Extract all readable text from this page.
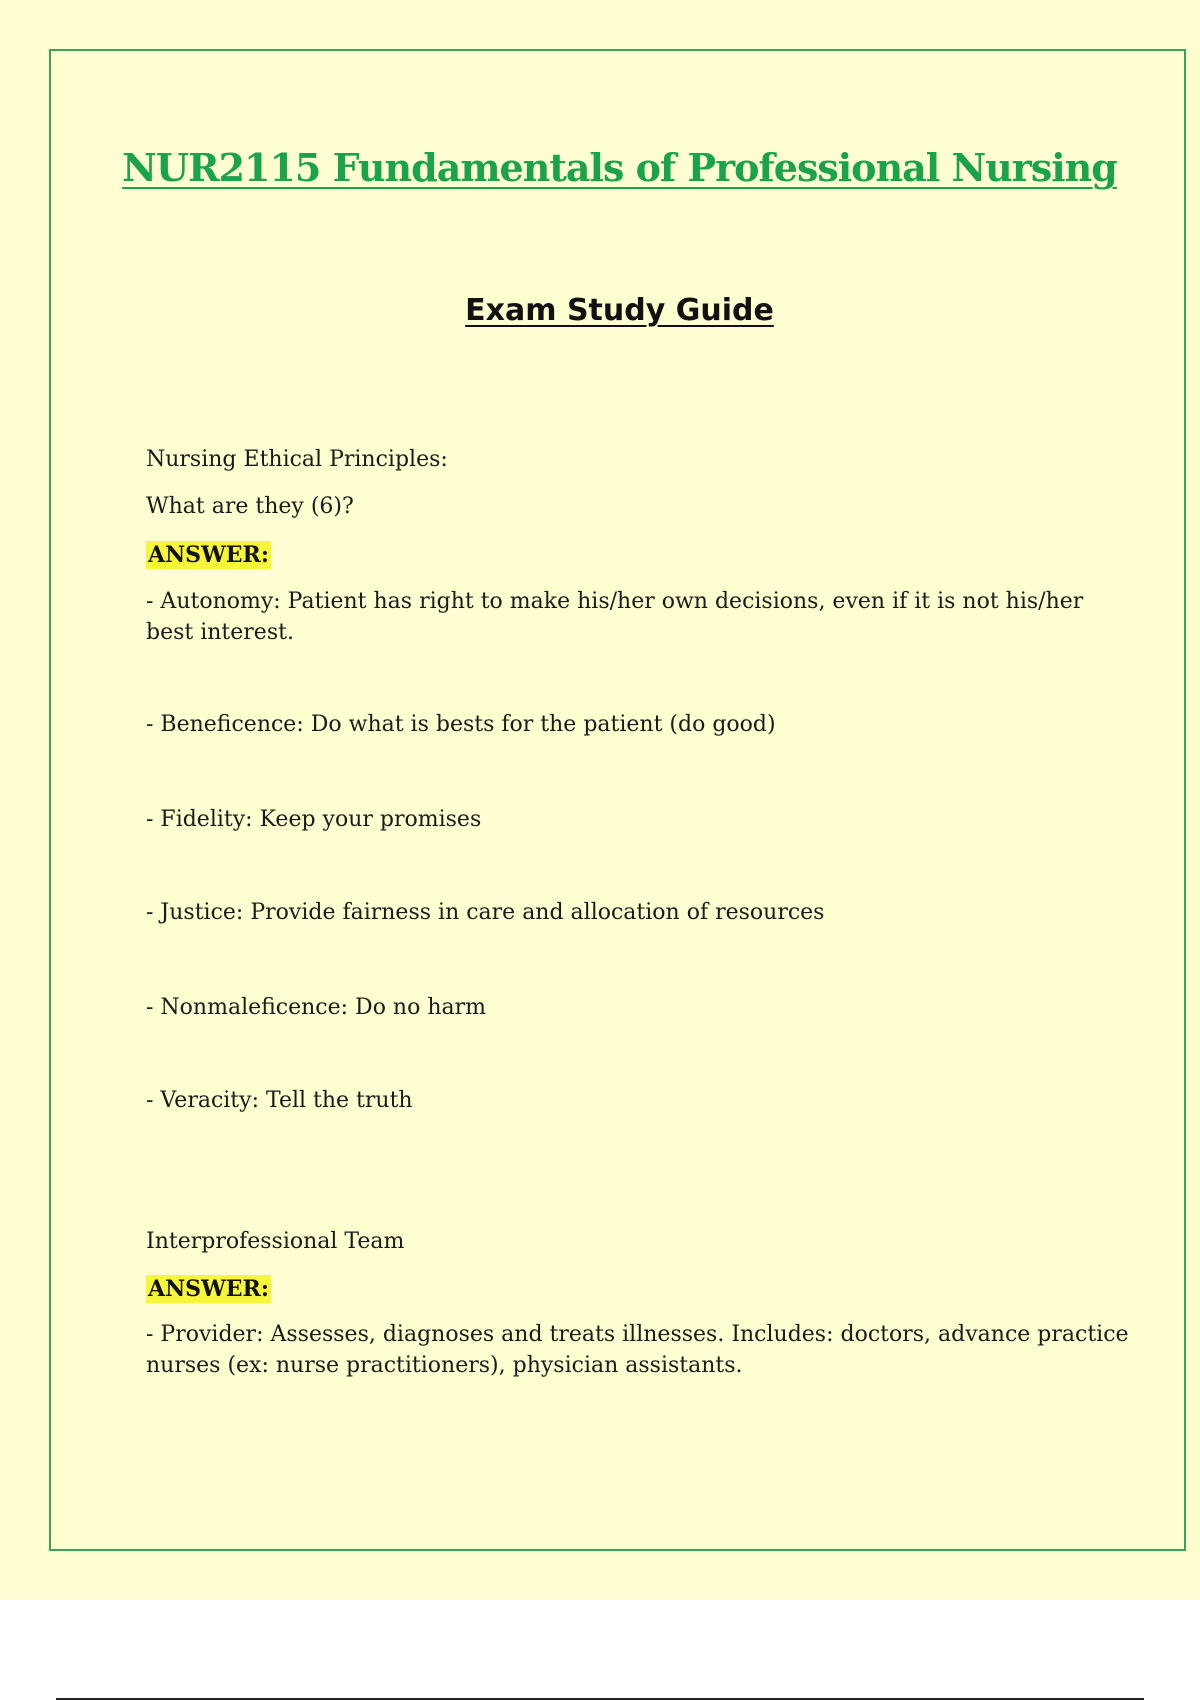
NUR2115 Fundamentals of Professional Nursing
Exam Study Guide
Nursing Ethical Principles:
What are they (6)?
ANSWER:
- Autonomy: Patient has right to make his/her own decisions, even if it is not his/her best interest.
- Beneficence: Do what is bests for the patient (do good)
- Fidelity: Keep your promises
- Justice: Provide fairness in care and allocation of resources
- Nonmaleficence: Do no harm
- Veracity: Tell the truth
Interprofessional Team
ANSWER:
- Provider: Assesses, diagnoses and treats illnesses. Includes: doctors, advance practice nurses (ex: nurse practitioners), physician assistants.
